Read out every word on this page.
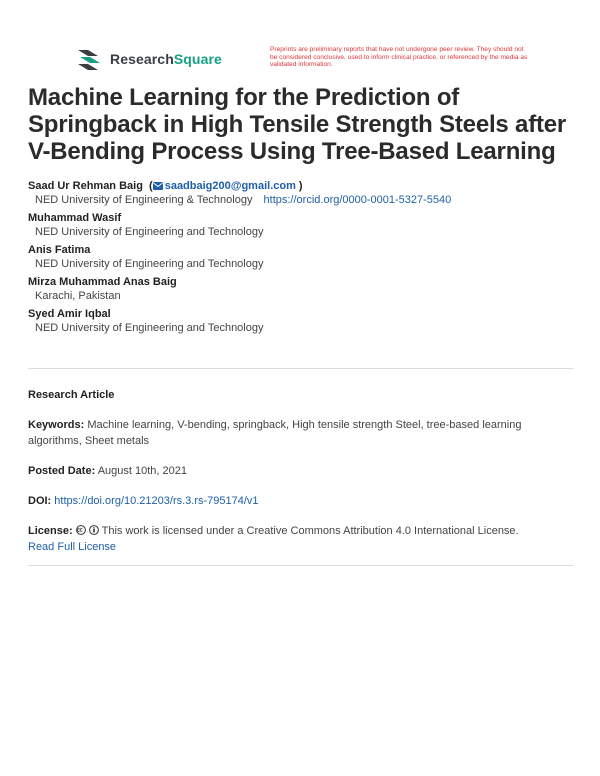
ResearchSquare
Preprints are preliminary reports that have not undergone peer review. They should not be considered conclusive, used to inform clinical practice, or referenced by the media as validated information.
Machine Learning for the Prediction of Springback in High Tensile Strength Steels after V-Bending Process Using Tree-Based Learning
Saad Ur Rehman Baig  ( saadbaig200@gmail.com )
NED University of Engineering & Technology https://orcid.org/0000-0001-5327-5540
Muhammad Wasif
NED University of Engineering and Technology
Anis Fatima
NED University of Engineering and Technology
Mirza Muhammad Anas Baig
Karachi, Pakistan
Syed Amir Iqbal
NED University of Engineering and Technology
Research Article
Keywords: Machine learning, V-bending, springback, High tensile strength Steel, tree-based learning algorithms, Sheet metals
Posted Date: August 10th, 2021
DOI: https://doi.org/10.21203/rs.3.rs-795174/v1
License:	This work is licensed under a Creative Commons Attribution 4.0 International License.
Read Full License
